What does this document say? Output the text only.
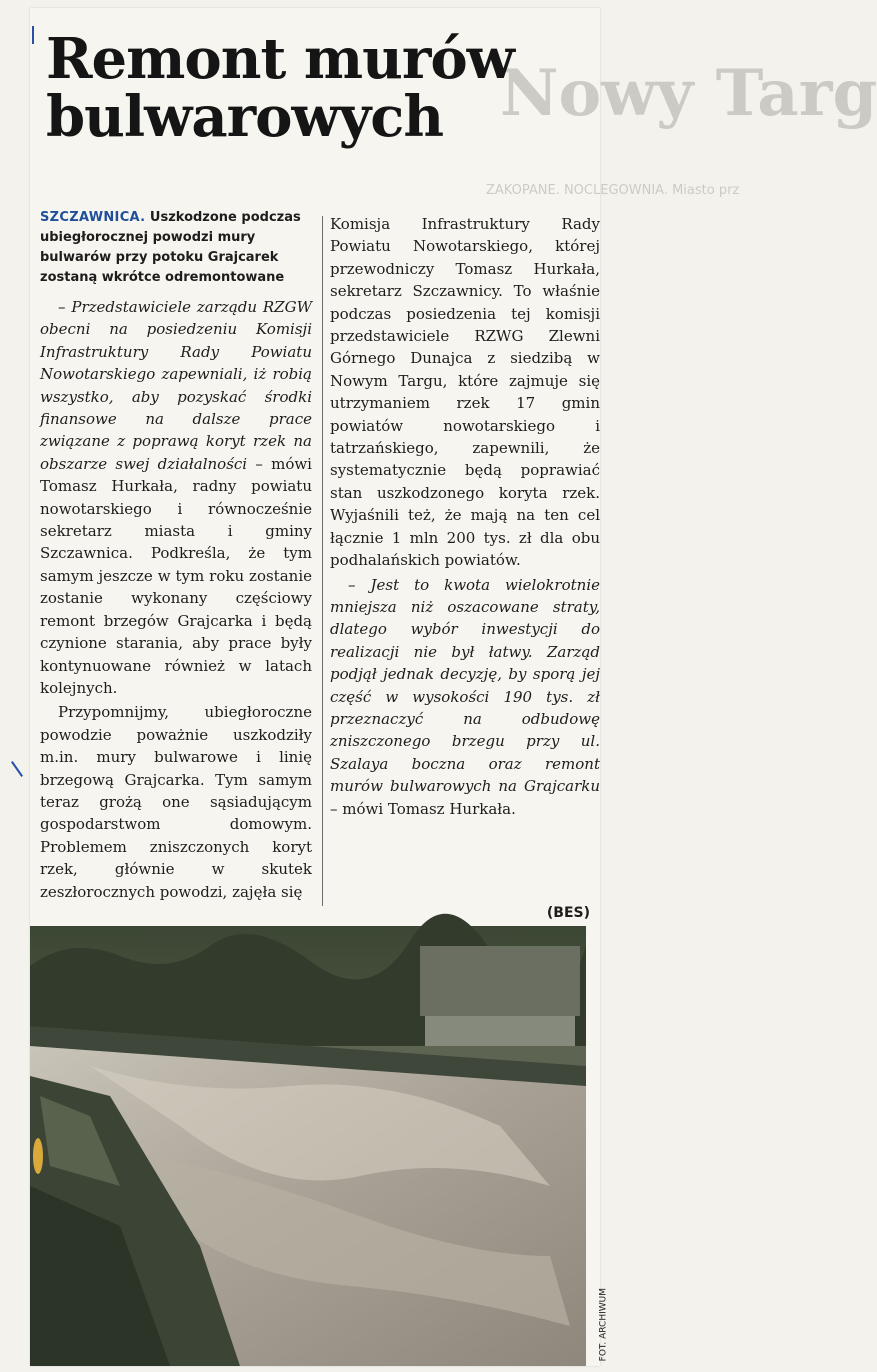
Nowy Targ
ZAKOPANE. NOCLEGOWNIA. Miasto prz
Remont murów bulwarowych

SZCZAWNICA. Uszkodzone podczas ubiegłorocznej powodzi mury bulwarów przy potoku Grajcarek zostaną wkrótce odremontowane

– Przedstawiciele zarządu RZGW obecni na posiedzeniu Komisji Infrastruktury Rady Powiatu Nowotarskiego zapewniali, iż robią wszystko, aby pozyskać środki finansowe na dalsze prace związane z poprawą koryt rzek na obszarze swej działalności – mówi Tomasz Hurkała, radny powiatu nowotarskiego i równocześnie sekretarz miasta i gminy Szczawnica. Podkreśla, że tym samym jeszcze w tym roku zostanie zostanie wykonany częściowy remont brzegów Grajcarka i będą czynione starania, aby prace były kontynuowane również w latach kolejnych.

Przypomnijmy, ubiegłoroczne powodzie poważnie uszkodziły m.in. mury bulwarowe i linię brzegową Grajcarka. Tym samym teraz grożą one sąsiadującym gospodarstwom domowym. Problemem zniszczonych koryt rzek, głównie w skutek zeszłorocznych powodzi, zajęła się

Komisja Infrastruktury Rady Powiatu Nowotarskiego, której przewodniczy Tomasz Hurkała, sekretarz Szczawnicy. To właśnie podczas posiedzenia tej komisji przedstawiciele RZWG Zlewni Górnego Dunajca z siedzibą w Nowym Targu, które zajmuje się utrzymaniem rzek 17 gmin powiatów nowotarskiego i tatrzańskiego, zapewnili, że systematycznie będą poprawiać stan uszkodzonego koryta rzek. Wyjaśnili też, że mają na ten cel łącznie 1 mln 200 tys. zł dla obu podhalańskich powiatów.

– Jest to kwota wielokrotnie mniejsza niż oszacowane straty, dlatego wybór inwestycji do realizacji nie był łatwy. Zarząd podjął jednak decyzję, by sporą jej część w wysokości 190 tys. zł przeznaczyć na odbudowę zniszczonego brzegu przy ul. Szalaya boczna oraz remont murów bulwarowych na Grajcarku – mówi Tomasz Hurkała.

(BES)
FOT. ARCHIWUM
